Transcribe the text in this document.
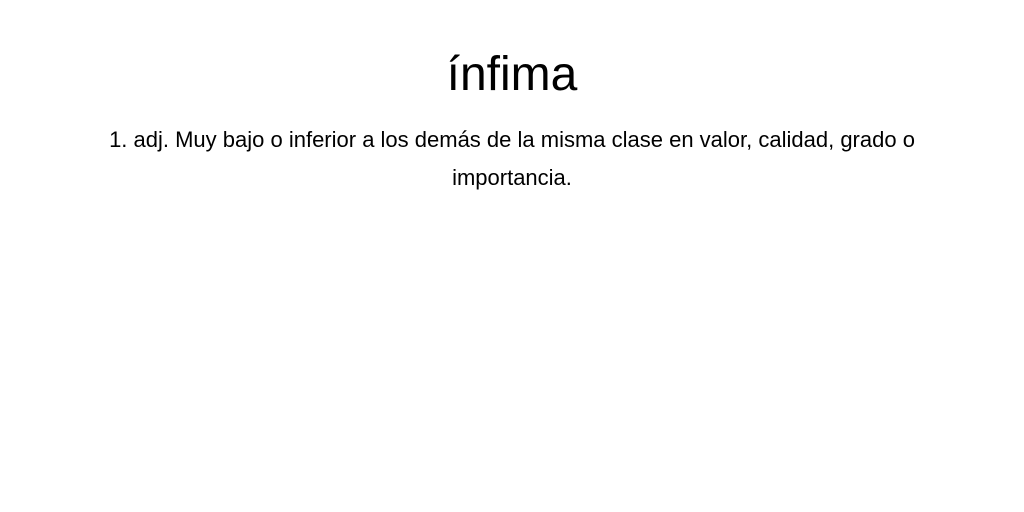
ínfima

1. adj. Muy bajo o inferior a los demás de la misma clase en valor, calidad, grado o importancia.
